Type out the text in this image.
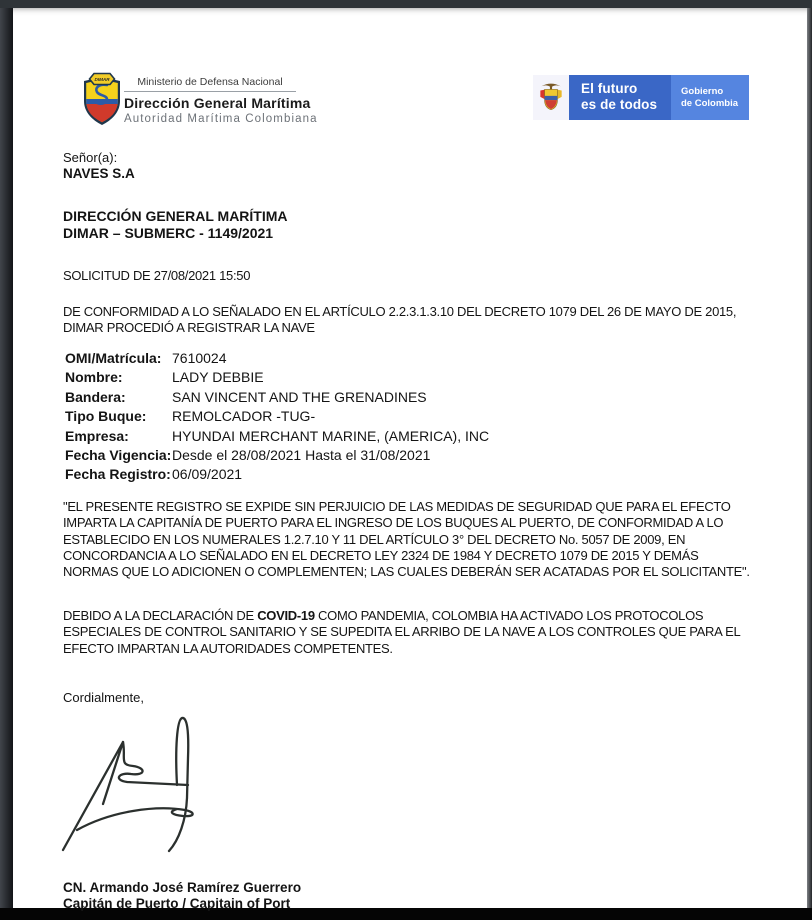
DIMAR	Ministerio de Defensa Nacional
Dirección General Marítima
Autoridad Marítima Colombiana
El futuro
es de todos
Gobierno
de Colombia
Señor(a):
NAVES S.A
DIRECCIÓN GENERAL MARÍTIMA
DIMAR – SUBMERC - 1149/2021
SOLICITUD DE 27/08/2021 15:50
DE CONFORMIDAD A LO SEÑALADO EN EL ARTÍCULO 2.2.3.1.3.10 DEL DECRETO 1079 DEL 26 DE MAYO DE 2015, DIMAR PROCEDIÓ A REGISTRAR LA NAVE
OMI/Matrícula: 7610024
Nombre:	LADY DEBBIE
Bandera:	SAN VINCENT AND THE GRENADINES
Tipo Buque:	REMOLCADOR -TUG-
Empresa:	HYUNDAI MERCHANT MARINE, (AMERICA), INC
Fecha Vigencia: Desde el 28/08/2021 Hasta el 31/08/2021
Fecha Registro: 06/09/2021
"EL PRESENTE REGISTRO SE EXPIDE SIN PERJUICIO DE LAS MEDIDAS DE SEGURIDAD QUE PARA EL EFECTO IMPARTA LA CAPITANÍA DE PUERTO PARA EL INGRESO DE LOS BUQUES AL PUERTO, DE CONFORMIDAD A LO ESTABLECIDO EN LOS NUMERALES 1.2.7.10 Y 11 DEL ARTÍCULO 3° DEL DECRETO No. 5057 DE 2009, EN CONCORDANCIA A LO SEÑALADO EN EL DECRETO LEY 2324 DE 1984 Y DECRETO 1079 DE 2015 Y DEMÁS NORMAS QUE LO ADICIONEN O COMPLEMENTEN; LAS CUALES DEBERÁN SER ACATADAS POR EL SOLICITANTE".
DEBIDO A LA DECLARACIÓN DE COVID-19 COMO PANDEMIA, COLOMBIA HA ACTIVADO LOS PROTOCOLOS ESPECIALES DE CONTROL SANITARIO Y SE SUPEDITA EL ARRIBO DE LA NAVE A LOS CONTROLES QUE PARA EL EFECTO IMPARTAN LA AUTORIDADES COMPETENTES.
Cordialmente,
CN. Armando José Ramírez Guerrero
Capitán de Puerto / Capitain of Port
